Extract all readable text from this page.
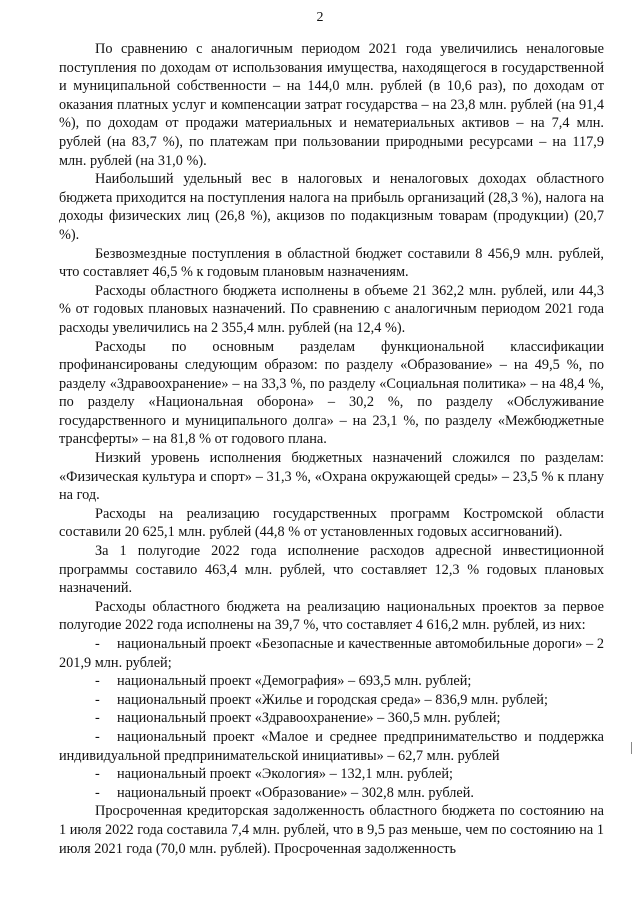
2

По сравнению с аналогичным периодом 2021 года увеличились неналоговые поступления по доходам от использования имущества, находящегося в государственной и муниципальной собственности – на 144,0 млн. рублей (в 10,6 раз), по доходам от оказания платных услуг и компенсации затрат государства – на 23,8 млн. рублей (на 91,4 %), по доходам от продажи материальных и нематериальных активов – на 7,4 млн. рублей (на 83,7 %), по платежам при пользовании природными ресурсами – на 117,9 млн. рублей (на 31,0 %).

Наибольший удельный вес в налоговых и неналоговых доходах областного бюджета приходится на поступления налога на прибыль организаций (28,3 %), налога на доходы физических лиц (26,8 %), акцизов по подакцизным товарам (продукции) (20,7 %).

Безвозмездные поступления в областной бюджет составили 8 456,9 млн. рублей, что составляет 46,5 % к годовым плановым назначениям.

Расходы областного бюджета исполнены в объеме 21 362,2 млн. рублей, или 44,3 % от годовых плановых назначений. По сравнению с аналогичным периодом 2021 года расходы увеличились на 2 355,4 млн. рублей (на 12,4 %).

Расходы по основным разделам функциональной классификации профинансированы следующим образом: по разделу «Образование» – на 49,5 %, по разделу «Здравоохранение» – на 33,3 %, по разделу «Социальная политика» – на 48,4 %, по разделу «Национальная оборона» – 30,2 %, по разделу «Обслуживание государственного и муниципального долга» – на 23,1 %, по разделу «Межбюджетные трансферты» – на 81,8 % от годового плана.

Низкий уровень исполнения бюджетных назначений сложился по разделам: «Физическая культура и спорт» – 31,3 %, «Охрана окружающей среды» – 23,5 % к плану на год.

Расходы на реализацию государственных программ Костромской области составили 20 625,1 млн. рублей (44,8 % от установленных годовых ассигнований).

За 1 полугодие 2022 года исполнение расходов адресной инвестиционной программы составило 463,4 млн. рублей, что составляет 12,3 % годовых плановых назначений.

Расходы областного бюджета на реализацию национальных проектов за первое полугодие 2022 года исполнены на 39,7 %, что составляет 4 616,2 млн. рублей, из них:

- национальный проект «Безопасные и качественные автомобильные дороги» – 2 201,9 млн. рублей;

-	национальный проект «Демография» – 693,5 млн. рублей;
-	национальный проект «Жилье и городская среда» – 836,9 млн. рублей;
-	национальный проект «Здравоохранение» – 360,5 млн. рублей;

- национальный проект «Малое и среднее предпринимательство и поддержка индивидуальной предпринимательской инициативы» – 62,7 млн. рублей

-	национальный проект «Экология» – 132,1 млн. рублей;
-	национальный проект «Образование» – 302,8 млн. рублей.

Просроченная кредиторская задолженность областного бюджета по состоянию на 1 июля 2022 года составила 7,4 млн. рублей, что в 9,5 раз меньше, чем по состоянию на 1 июля 2021 года (70,0 млн. рублей). Просроченная задолженность
